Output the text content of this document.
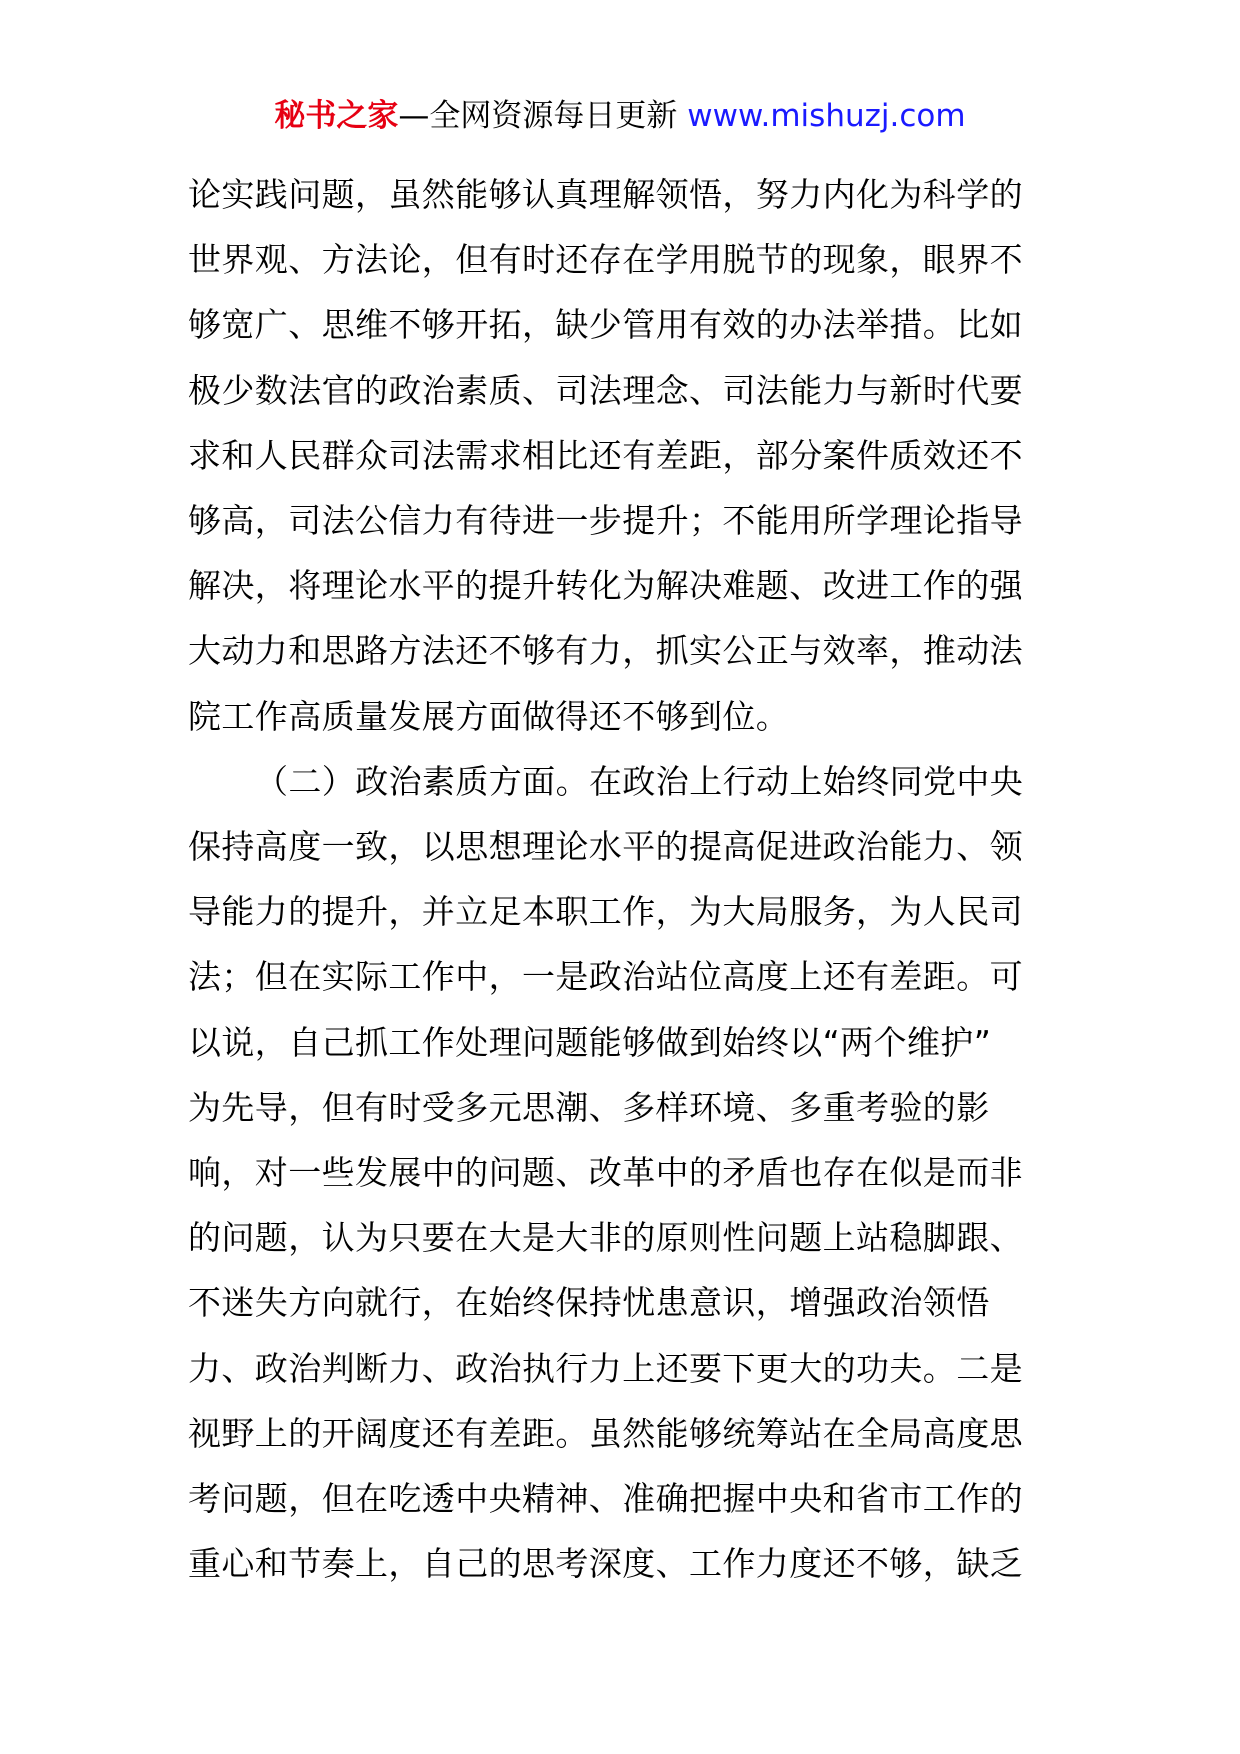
秘书之家—全网资源每日更新 www.mishuzj.com
论实践问题，虽然能够认真理解领悟，努力内化为科学的
世界观、方法论，但有时还存在学用脱节的现象，眼界不
够宽广、思维不够开拓，缺少管用有效的办法举措。比如
极少数法官的政治素质、司法理念、司法能力与新时代要
求和人民群众司法需求相比还有差距，部分案件质效还不
够高，司法公信力有待进一步提升；不能用所学理论指导
解决，将理论水平的提升转化为解决难题、改进工作的强
大动力和思路方法还不够有力，抓实公正与效率，推动法
院工作高质量发展方面做得还不够到位。
（二）政治素质方面。在政治上行动上始终同党中央
保持高度一致，以思想理论水平的提高促进政治能力、领
导能力的提升，并立足本职工作，为大局服务，为人民司
法；但在实际工作中，一是政治站位高度上还有差距。可
以说，自己抓工作处理问题能够做到始终以“两个维护”
为先导，但有时受多元思潮、多样环境、多重考验的影
响，对一些发展中的问题、改革中的矛盾也存在似是而非
的问题，认为只要在大是大非的原则性问题上站稳脚跟、
不迷失方向就行，在始终保持忧患意识，增强政治领悟
力、政治判断力、政治执行力上还要下更大的功夫。二是
视野上的开阔度还有差距。虽然能够统筹站在全局高度思
考问题，但在吃透中央精神、准确把握中央和省市工作的
重心和节奏上，自己的思考深度、工作力度还不够，缺乏
